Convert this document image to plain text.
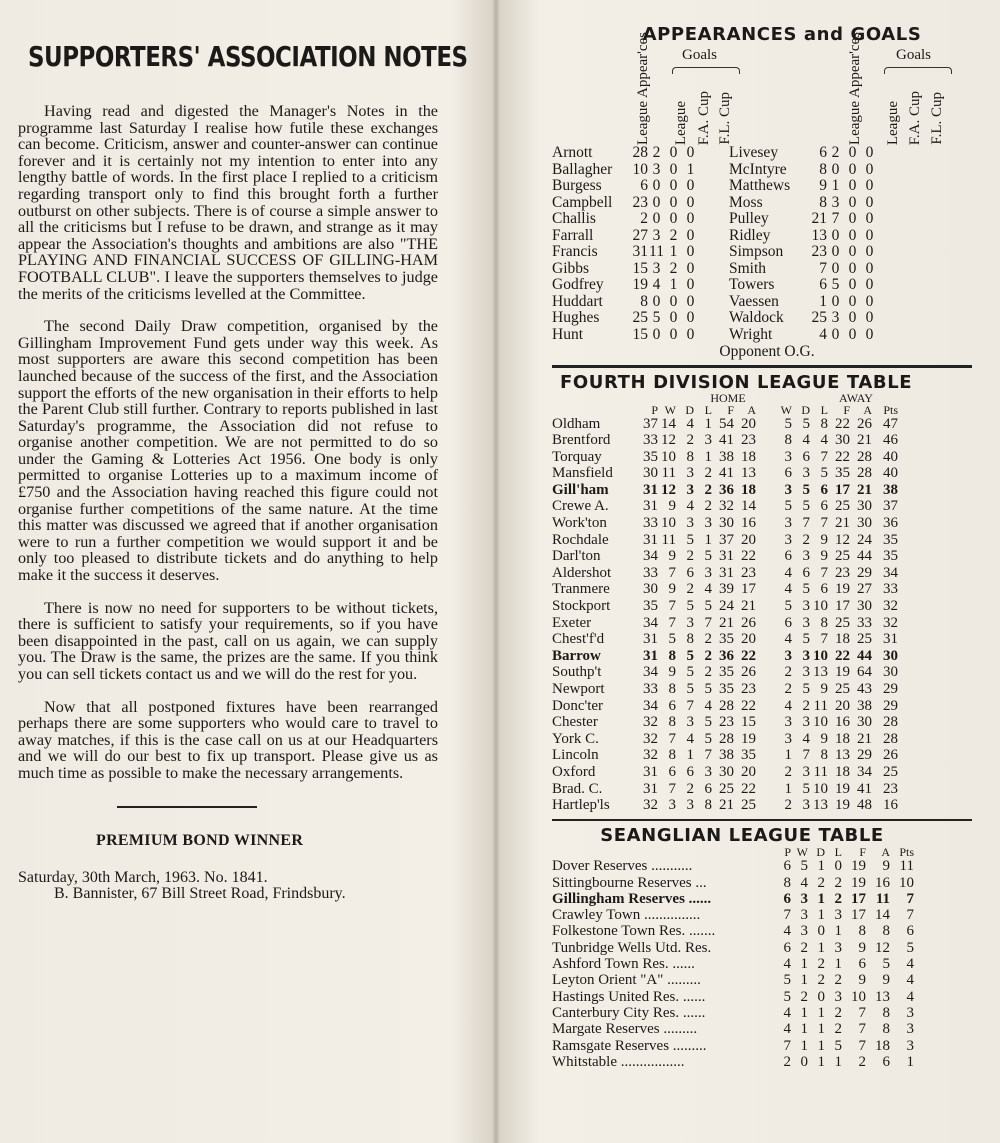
SUPPORTERS' ASSOCIATION NOTES

Having read and digested the Manager's Notes in the programme last Saturday I realise how futile these exchanges can become. Criticism, answer and counter-answer can continue forever and it is certainly not my intention to enter into any lengthy battle of words. In the first place I replied to a criticism regarding transport only to find this brought forth a further outburst on other subjects. There is of course a simple answer to all the criticisms but I refuse to be drawn, and strange as it may appear the Association's thoughts and ambitions are also "THE PLAYING AND FINANCIAL SUCCESS OF GILLING-HAM FOOTBALL CLUB". I leave the supporters themselves to judge the merits of the criticisms levelled at the Committee.

The second Daily Draw competition, organised by the Gillingham Improvement Fund gets under way this week. As most supporters are aware this second competition has been launched because of the success of the first, and the Association support the efforts of the new organisation in their efforts to help the Parent Club still further. Contrary to reports published in last Saturday's programme, the Association did not refuse to organise another competition. We are not permitted to do so under the Gaming & Lotteries Act 1956. One body is only permitted to organise Lotteries up to a maximum income of £750 and the Association having reached this figure could not organise further competitions of the same nature. At the time this matter was discussed we agreed that if another organisation were to run a further competition we would support it and be only too pleased to distribute tickets and do anything to help make it the success it deserves.

There is now no need for supporters to be without tickets, there is sufficient to satisfy your requirements, so if you have been disappointed in the past, call on us again, we can supply you. The Draw is the same, the prizes are the same. If you think you can sell tickets contact us and we will do the rest for you.

Now that all postponed fixtures have been rearranged perhaps there are some supporters who would care to travel to away matches, if this is the case call on us at our Headquarters and we will do our best to fix up transport. Please give us as much time as possible to make the necessary arrangements.

PREMIUM BOND WINNER
Saturday, 30th March, 1963. No. 1841.
B. Bannister, 67 Bill Street Road, Frindsbury.
APPEARANCES and GOALS
Goals
League Appear'ces League F.A. Cup F.L. Cup
Goals
League Appear'ces League F.A. Cup F.L. Cup
Arnott	28 2 0 0 Livesey	6 2 0 0
Ballagher	10 3 0 1 McIntyre	8 0 0 0
Burgess	6 0 0 0 Matthews	9 1 0 0
Campbell	23 0 0 0 Moss	8 3 0 0
Challis	2 0 0 0 Pulley	21 7 0 0
Farrall	27 3 2 0 Ridley	13 0 0 0
Francis	31 11 1 0 Simpson	23 0 0 0
Gibbs	15 3 2 0 Smith	7 0 0 0
Godfrey	19 4 1 0 Towers	6 5 0 0
Huddart	8 0 0 0 Vaessen	1 0 0 0
Hughes	25 5 0 0 Waldock	25 3 0 0
Hunt	15 0 0 0 Wright	4 0 0 0
Opponent O.G.
FOURTH DIVISION LEAGUE TABLE
HOME	AWAY
P W D L	F	A	W D L	F	A Pts
Oldham	37 14 4 1 54 20	5 5 8 22 26 47
Brentford	33 12 2 3 41 23	8 4 4 30 21 46
Torquay	35 10 8 1 38 18	3 6 7 22 28 40
Mansfield	30 11 3 2 41 13	6 3 5 35 28 40
Gill'ham	31 12 3 2 36 18	3 5 6 17 21 38
Crewe A.	31 9 4 2 32 14	5 5 6 25 30 37
Work'ton	33 10 3 3 30 16	3 7 7 21 30 36
Rochdale	31 11 5 1 37 20	3 2 9 12 24 35
Darl'ton	34 9 2 5 31 22	6 3 9 25 44 35
Aldershot	33 7 6 3 31 23	4 6 7 23 29 34
Tranmere	30 9 2 4 39 17	4 5 6 19 27 33
Stockport	35 7 5 5 24 21	5 3 10 17 30 32
Exeter	34 7 3 7 21 26	6 3 8 25 33 32
Chest'f'd	31 5 8 2 35 20	4 5 7 18 25 31
Barrow	31 8 5 2 36 22	3 3 10 22 44 30
Southp't	34 9 5 2 35 26	2 3 13 19 64 30
Newport	33 8 5 5 35 23	2 5 9 25 43 29
Donc'ter	34 6 7 4 28 22	4 2 11 20 38 29
Chester	32 8 3 5 23 15	3 3 10 16 30 28
York C.	32 7 4 5 28 19	3 4 9 18 21 28
Lincoln	32 8 1 7 38 35	1 7 8 13 29 26
Oxford	31 6 6 3 30 20	2 3 11 18 34 25
Brad. C.	31 7 2 6 25 22	1 5 10 19 41 23
Hartlep'ls	32 3 3 8 21 25	2 3 13 19 48 16
SEANGLIAN LEAGUE TABLE
P W D L	F	A Pts
Dover Reserves ...........	6 5 1 0 19	9 11
Sittingbourne Reserves ...	8 4 2 2 19 16 10
Gillingham Reserves ......	6 3 1 2 17 11	7
Crawley Town ...............	7 3 1 3 17 14	7
Folkestone Town Res. .......	4 3 0 1	8	8	6
Tunbridge Wells Utd. Res.	6 2 1 3	9 12	5
Ashford Town Res. ......	4 1 2 1	6	5	4
Leyton Orient "A" .........	5 1 2 2	9	9	4
Hastings United Res. ......	5 2 0 3 10 13	4
Canterbury City Res. ......	4 1 1 2	7	8	3
Margate Reserves .........	4 1 1 2	7	8	3
Ramsgate Reserves .........	7 1 1 5	7 18	3
Whitstable .................	2 0 1 1	2	6	1
